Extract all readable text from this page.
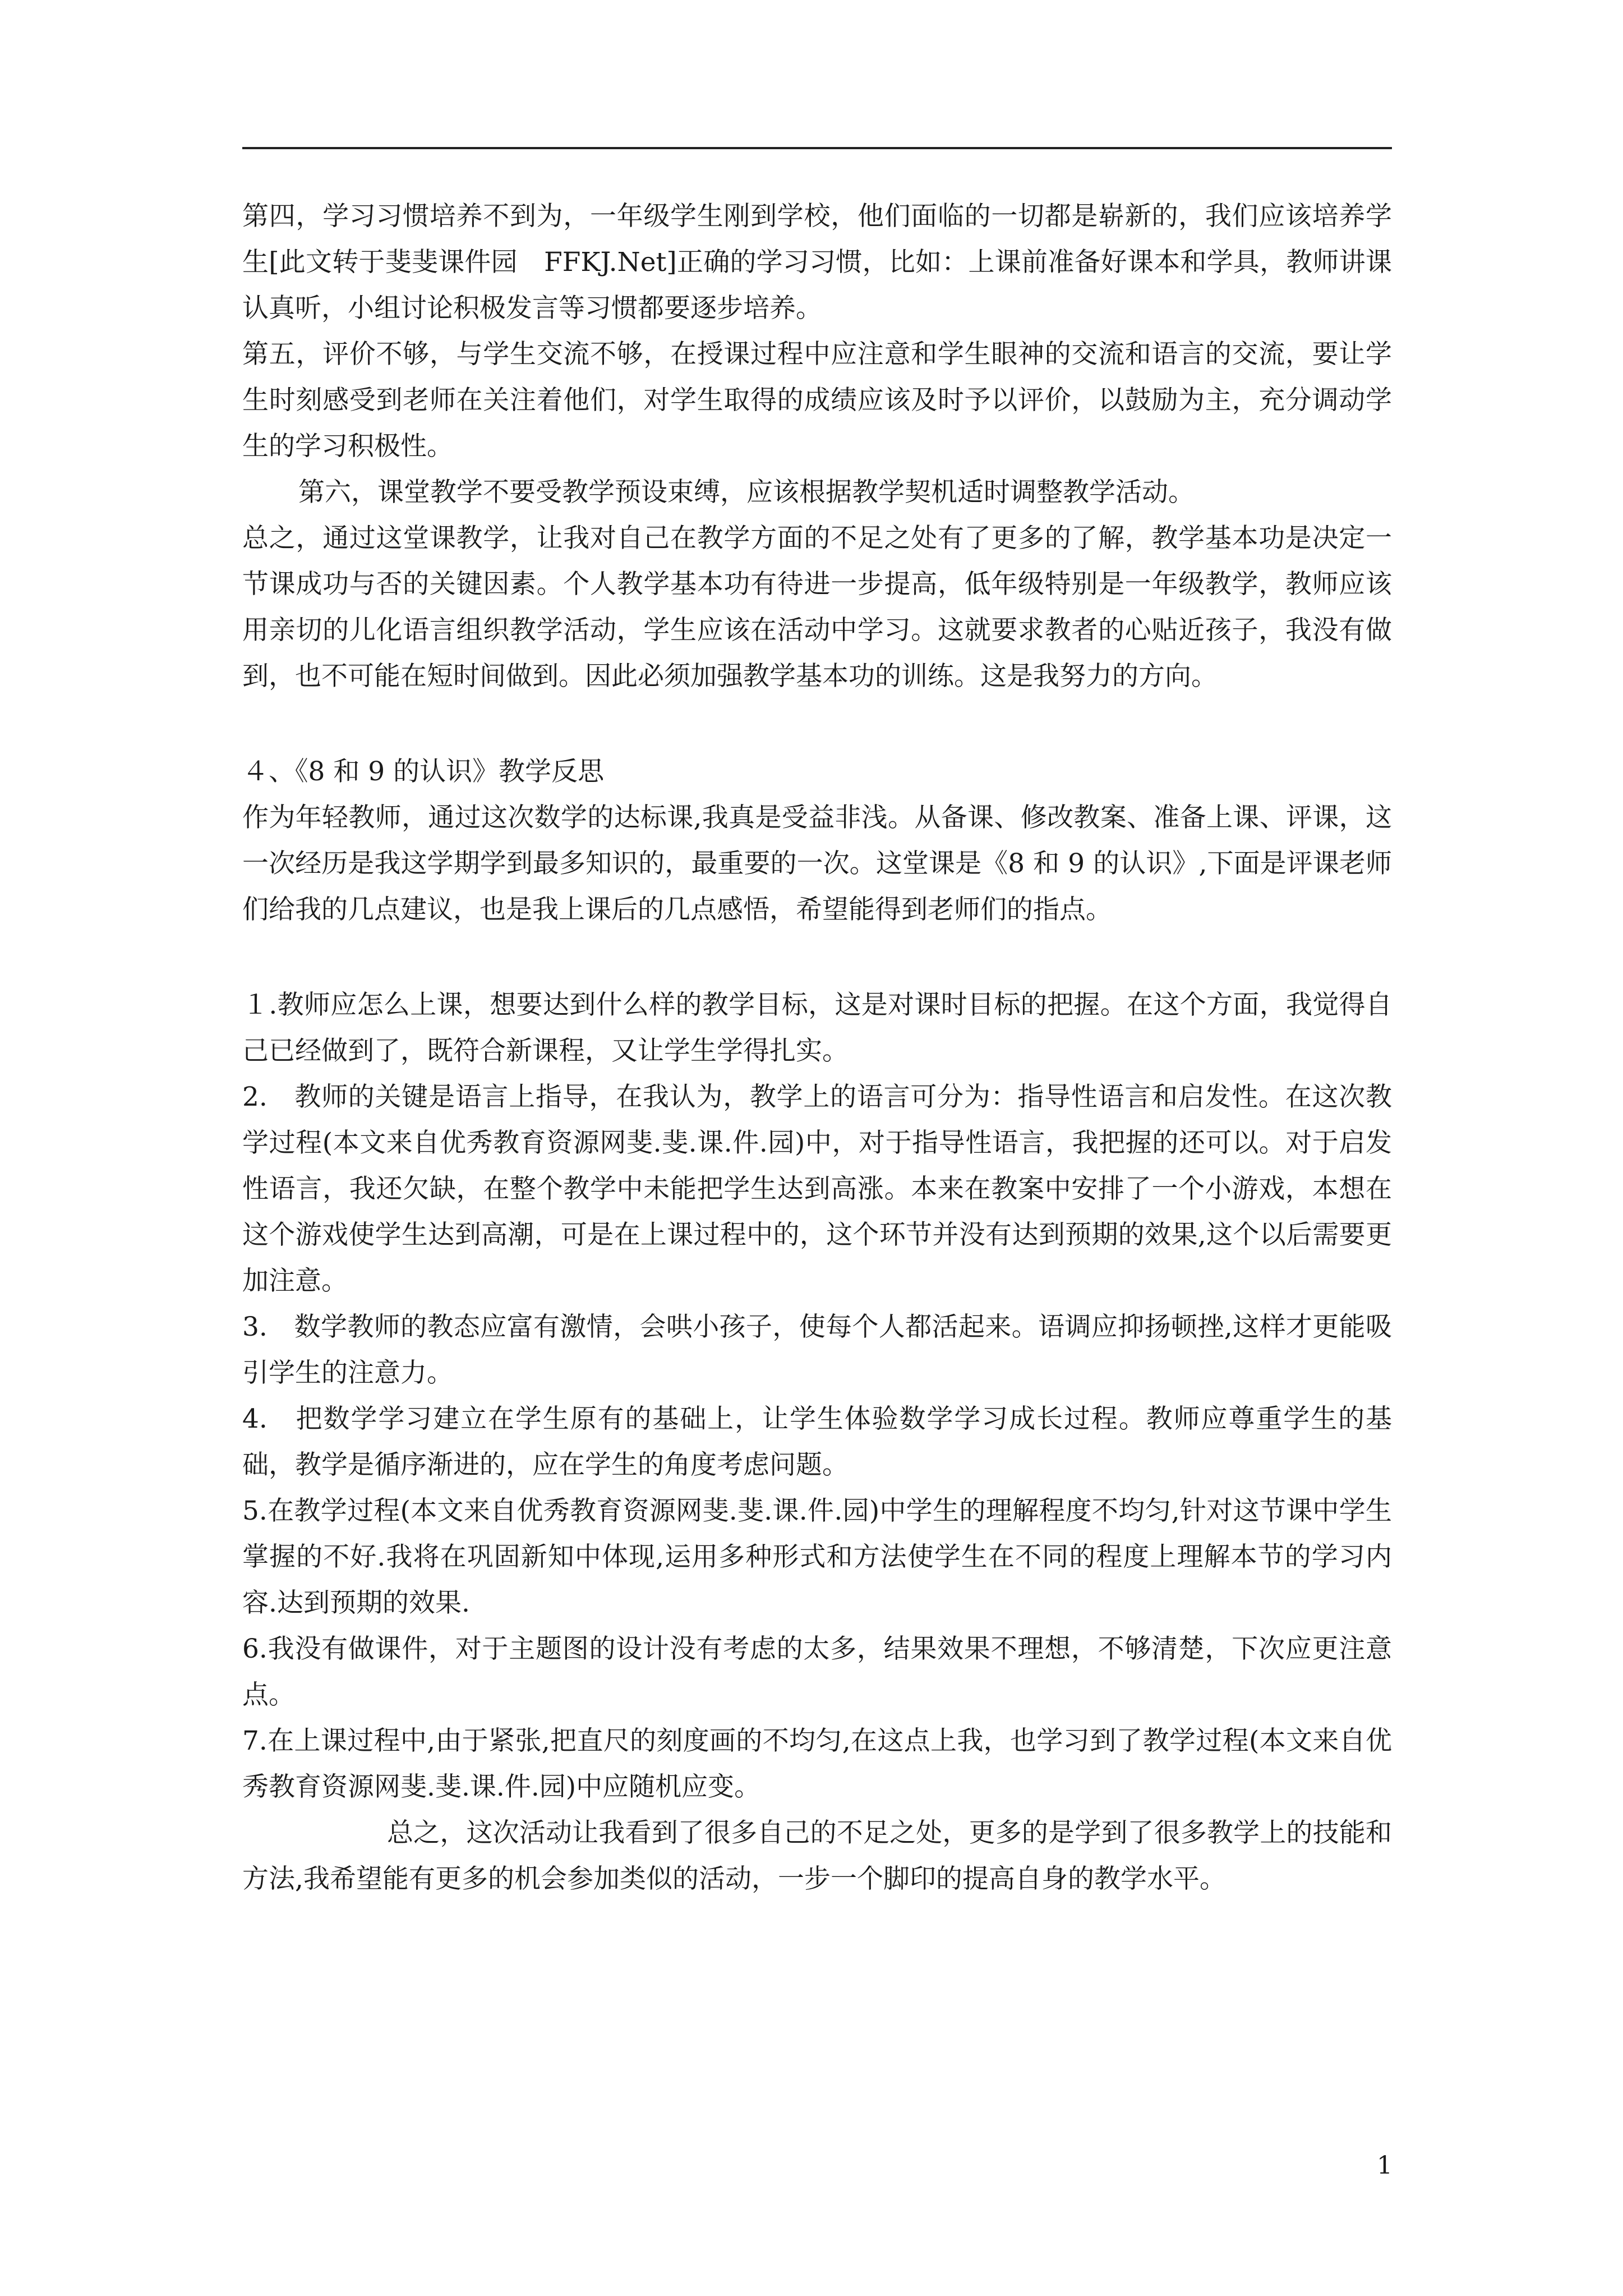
第四，学习习惯培养不到为，一年级学生刚到学校，他们面临的一切都是崭新的，我们应该培养学生[此文转于斐斐课件园　FFKJ.Net]正确的学习习惯，比如：上课前准备好课本和学具，教师讲课认真听，小组讨论积极发言等习惯都要逐步培养。

第五，评价不够，与学生交流不够，在授课过程中应注意和学生眼神的交流和语言的交流，要让学生时刻感受到老师在关注着他们，对学生取得的成绩应该及时予以评价，以鼓励为主，充分调动学生的学习积极性。

第六，课堂教学不要受教学预设束缚，应该根据教学契机适时调整教学活动。

总之，通过这堂课教学，让我对自己在教学方面的不足之处有了更多的了解，教学基本功是决定一节课成功与否的关键因素。个人教学基本功有待进一步提高，低年级特别是一年级教学，教师应该用亲切的儿化语言组织教学活动，学生应该在活动中学习。这就要求教者的心贴近孩子，我没有做到，也不可能在短时间做到。因此必须加强教学基本功的训练。这是我努力的方向。

４、《8 和 9 的认识》教学反思

作为年轻教师，通过这次数学的达标课,我真是受益非浅。从备课、修改教案、准备上课、评课，这一次经历是我这学期学到最多知识的，最重要的一次。这堂课是《8 和 9 的认识》,下面是评课老师们给我的几点建议，也是我上课后的几点感悟，希望能得到老师们的指点。

１.教师应怎么上课，想要达到什么样的教学目标，这是对课时目标的把握。在这个方面，我觉得自己已经做到了，既符合新课程，又让学生学得扎实。

2.　教师的关键是语言上指导，在我认为，教学上的语言可分为：指导性语言和启发性。在这次教学过程(本文来自优秀教育资源网斐.斐.课.件.园)中，对于指导性语言，我把握的还可以。对于启发性语言，我还欠缺，在整个教学中未能把学生达到高涨。本来在教案中安排了一个小游戏，本想在这个游戏使学生达到高潮，可是在上课过程中的，这个环节并没有达到预期的效果,这个以后需要更加注意。

3.　数学教师的教态应富有激情，会哄小孩子，使每个人都活起来。语调应抑扬顿挫,这样才更能吸引学生的注意力。

4.　把数学学习建立在学生原有的基础上，让学生体验数学学习成长过程。教师应尊重学生的基础，教学是循序渐进的，应在学生的角度考虑问题。

5.在教学过程(本文来自优秀教育资源网斐.斐.课.件.园)中学生的理解程度不均匀,针对这节课中学生掌握的不好.我将在巩固新知中体现,运用多种形式和方法使学生在不同的程度上理解本节的学习内容.达到预期的效果.

6.我没有做课件，对于主题图的设计没有考虑的太多，结果效果不理想，不够清楚，下次应更注意点。

7.在上课过程中,由于紧张,把直尺的刻度画的不均匀,在这点上我，也学习到了教学过程(本文来自优秀教育资源网斐.斐.课.件.园)中应随机应变。

总之，这次活动让我看到了很多自己的不足之处，更多的是学到了很多教学上的技能和方法,我希望能有更多的机会参加类似的活动，一步一个脚印的提高自身的教学水平。

1
